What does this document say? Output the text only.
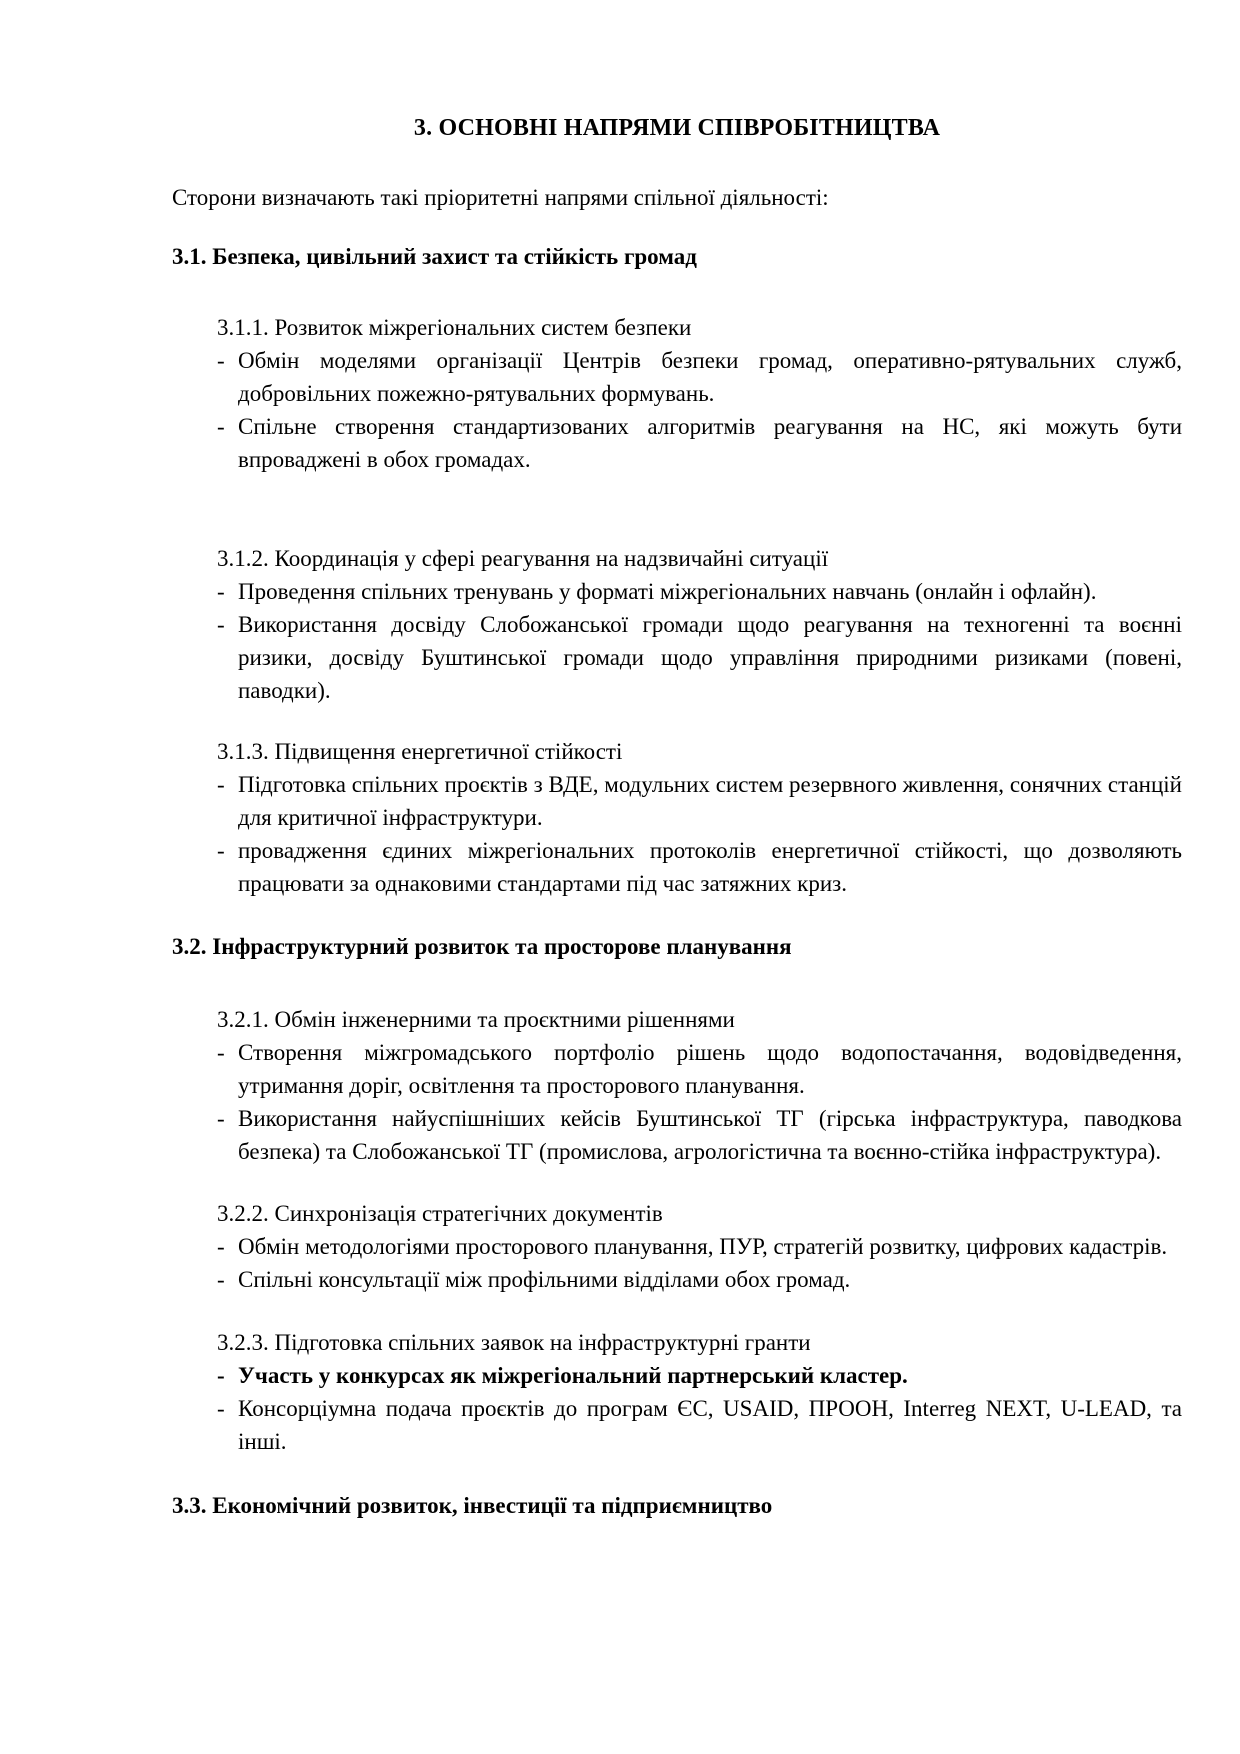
3. ОСНОВНІ НАПРЯМИ СПІВРОБІТНИЦТВА

Сторони визначають такі пріоритетні напрями спільної діяльності:

3.1. Безпека, цивільний захист та стійкість громад
3.1.1. Розвиток міжрегіональних систем безпеки
- Обмін моделями організації Центрів безпеки громад, оперативно-рятувальних служб, добровільних пожежно-рятувальних формувань.
- Спільне створення стандартизованих алгоритмів реагування на НС, які можуть бути впроваджені в обох громадах.
3.1.2. Координація у сфері реагування на надзвичайні ситуації
- Проведення спільних тренувань у форматі міжрегіональних навчань (онлайн і офлайн).
- Використання досвіду Слобожанської громади щодо реагування на техногенні та воєнні ризики, досвіду Буштинської громади щодо управління природними ризиками (повені, паводки).
3.1.3. Підвищення енергетичної стійкості
- Підготовка спільних проєктів з ВДЕ, модульних систем резервного живлення, сонячних станцій для критичної інфраструктури.
- провадження єдиних міжрегіональних протоколів енергетичної стійкості, що дозволяють працювати за однаковими стандартами під час затяжних криз.
3.2. Інфраструктурний розвиток та просторове планування
3.2.1. Обмін інженерними та проєктними рішеннями
- Створення міжгромадського портфоліо рішень щодо водопостачання, водовідведення, утримання доріг, освітлення та просторового планування.
- Використання найуспішніших кейсів Буштинської ТГ (гірська інфраструктура, паводкова безпека) та Слобожанської ТГ (промислова, агрологістична та воєнно-стійка інфраструктура).
3.2.2. Синхронізація стратегічних документів
- Обмін методологіями просторового планування, ПУР, стратегій розвитку, цифрових кадастрів.
- Спільні консультації між профільними відділами обох громад.
3.2.3. Підготовка спільних заявок на інфраструктурні гранти
- Участь у конкурсах як міжрегіональний партнерський кластер.
- Консорціумна подача проєктів до програм ЄС, USAID, ПРООН, Interreg NEXT, U-LEAD, та інші.
3.3. Економічний розвиток, інвестиції та підприємництво
